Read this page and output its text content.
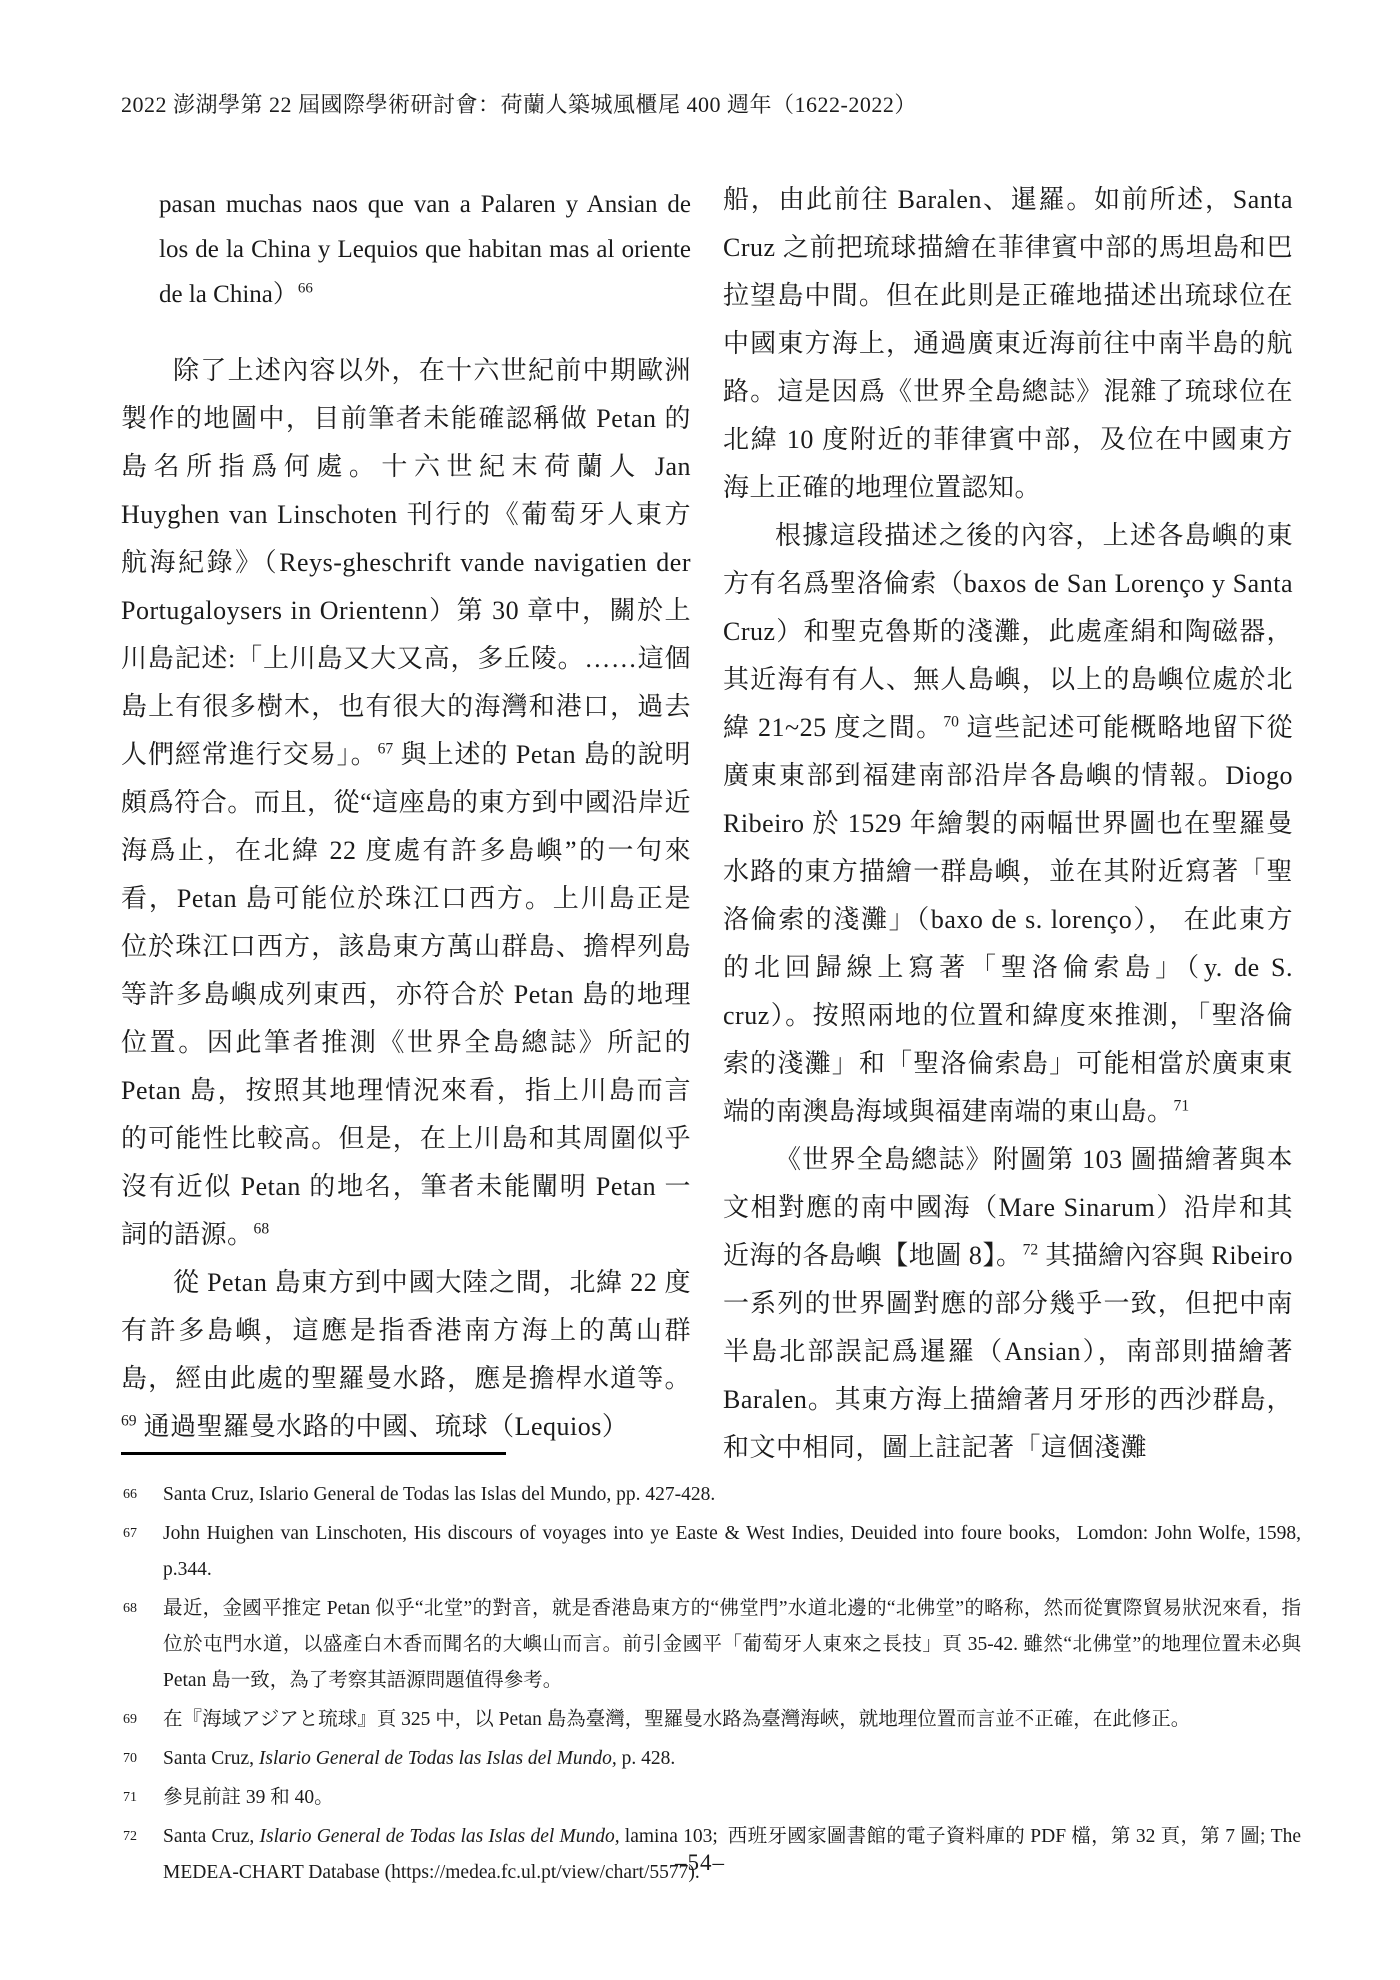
2022 澎湖學第 22 屆國際學術研討會：荷蘭人築城風櫃尾 400 週年（1622-2022）
pasan muchas naos que van a Palaren y Ansian de los de la China y Lequios que habitan mas al oriente de la China）$^{66}$

除了上述內容以外，在十六世紀前中期歐洲製作的地圖中，目前筆者未能確認稱做 Petan 的島名所指爲何處。十六世紀末荷蘭人 Jan Huyghen van Linschoten 刊行的《葡萄牙人東方航海紀錄》（Reys-gheschrift vande navigatien der Portugaloysers in Orientenn）第 30 章中，關於上川島記述:「上川島又大又高，多丘陵。……這個島上有很多樹木，也有很大的海灣和港口，過去人們經常進行交易」。$^{67}$ 與上述的 Petan 島的說明頗爲符合。而且，從“這座島的東方到中國沿岸近海爲止，在北緯 22 度處有許多島嶼”的一句來看，Petan 島可能位於珠江口西方。上川島正是位於珠江口西方，該島東方萬山群島、擔桿列島等許多島嶼成列東西，亦符合於 Petan 島的地理位置。因此筆者推測《世界全島總誌》所記的 Petan 島，按照其地理情況來看，指上川島而言的可能性比較高。但是，在上川島和其周圍似乎沒有近似 Petan 的地名，筆者未能闡明 Petan 一詞的語源。$^{68}$

從 Petan 島東方到中國大陸之間，北緯 22 度有許多島嶼，這應是指香港南方海上的萬山群島，經由此處的聖羅曼水路，應是擔桿水道等。$^{69}$ 通過聖羅曼水路的中國、琉球（Lequios）

船，由此前往 Baralen、暹羅。如前所述，Santa Cruz 之前把琉球描繪在菲律賓中部的馬坦島和巴拉望島中間。但在此則是正確地描述出琉球位在中國東方海上，通過廣東近海前往中南半島的航路。這是因爲《世界全島總誌》混雜了琉球位在北緯 10 度附近的菲律賓中部，及位在中國東方海上正確的地理位置認知。

根據這段描述之後的內容，上述各島嶼的東方有名爲聖洛倫索（baxos de San Lorenço y Santa Cruz）和聖克魯斯的淺灘，此處產絹和陶磁器，其近海有有人、無人島嶼，以上的島嶼位處於北緯 21~25 度之間。$^{70}$ 這些記述可能概略地留下從廣東東部到福建南部沿岸各島嶼的情報。Diogo Ribeiro 於 1529 年繪製的兩幅世界圖也在聖羅曼水路的東方描繪一群島嶼，並在其附近寫著「聖洛倫索的淺灘」（baxo de s. lorenço）， 在此東方的北回歸線上寫著「聖洛倫索島」（y. de S. cruz）。按照兩地的位置和緯度來推測，「聖洛倫索的淺灘」和「聖洛倫索島」可能相當於廣東東端的南澳島海域與福建南端的東山島。$^{71}$

《世界全島總誌》附圖第 103 圖描繪著與本文相對應的南中國海（Mare Sinarum）沿岸和其近海的各島嶼【地圖 8】。$^{72}$ 其描繪內容與 Ribeiro 一系列的世界圖對應的部分幾乎一致，但把中南半島北部誤記爲暹羅（Ansian），南部則描繪著 Baralen。其東方海上描繪著月牙形的西沙群島，和文中相同，圖上註記著「這個淺灘

66 Santa Cruz, Islario General de Todas las Islas del Mundo, pp. 427-428.
67 John Huighen van Linschoten, His discours of voyages into ye Easte & West Indies, Deuided into foure books,  Lomdon: John Wolfe, 1598, p.344.
68 最近，金國平推定 Petan 似乎“北堂”的對音，就是香港島東方的“佛堂門”水道北邊的“北佛堂”的略称，然而從實際貿易狀況來看，指位於屯門水道，以盛產白木香而聞名的大嶼山而言。前引金國平「葡萄牙人東來之長技」頁 35-42. 雖然“北佛堂”的地理位置未必與 Petan 島一致，為了考察其語源問題值得參考。
69 在『海域アジアと琉球』頁 325 中，以 Petan 島為臺灣，聖羅曼水路為臺灣海峽，就地理位置而言並不正確，在此修正。
70 Santa Cruz, Islario General de Todas las Islas del Mundo, p. 428.
71 參見前註 39 和 40。
72 Santa Cruz, Islario General de Todas las Islas del Mundo, lamina 103; 西班牙國家圖書館的電子資料庫的 PDF 檔，第 32 頁，第 7 圖; The MEDEA-CHART Database (https://medea.fc.ul.pt/view/chart/5577).
–54–
